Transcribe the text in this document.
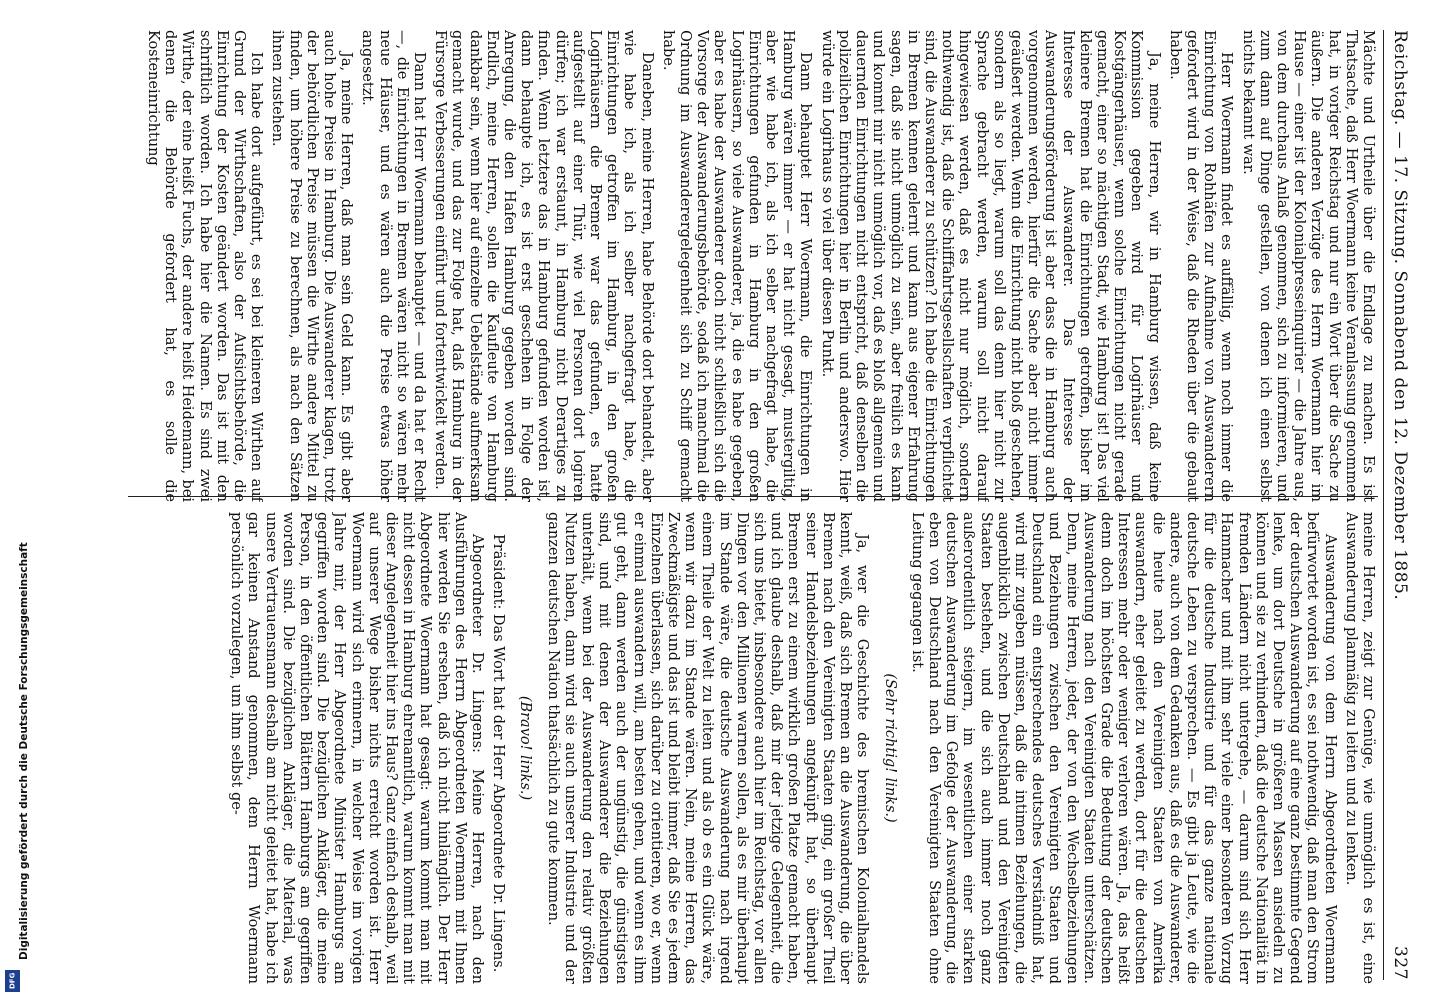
Digitalisierung gefördert durch die Deutsche Forschungsgemeinschaft
DFG
Reichstag. — 17. Sitzung. Sonnabend den 12. Dezember 1885.
327

Mächte und Urtheile über die Endlage zu machen. Es ist Thatsache, daß Herr Woermann keine Veranlassung genommen hat, in voriger Reichstag und nur ein Wort über die Sache zu äußern. Die anderen Verzüge des Herrn Woermann hier im Hause — einer ist der Kolonialpresseinquirier — die Jahre aus, von dem durchaus Anlaß genommen, sich zu informieren, und zum dann auf Dinge gestellen, von denen ich einen selbst nichts bekannt war.

Herr Woermann findet es auffällig, wenn noch immer die Einrichtung von Rohhäfen zur Aufnahme von Auswanderern gefordert wird in der Weise, daß die Rheden über die gebaut haben.

Ja, meine Herren, wir in Hamburg wissen, daß keine Kommission gegeben wird für Logirhäuser und Kostgängerhäuser, wenn solche Einrichtungen nicht gerade gemacht, einer so mächtigen Stadt, wie Hamburg ist! Das viel kleinere Bremen hat die Einrichtungen getroffen, bisher im Interesse der Auswanderer. Das Interesse der Auswanderungsförderung ist aber dass die in Hamburg auch vorgenommen werden, hierfür die Sache aber nicht immer geäußert werden. Wenn die Einrichtung nicht bloß geschehen, sondern als so liegt, warum soll das denn hier nicht zur Sprache gebracht werden, warum soll nicht darauf hingewiesen werden, daß es nicht nur möglich, sondern nothwendig ist, daß die Schifffahrtsgesellschaften verpflichtet sind, die Auswanderer zu schützen? Ich habe die Einrichtungen in Bremen kennen gelernt und kann aus eigener Erfahrung sagen, daß sie nicht unmöglich zu sein, aber freilich es kann und kommt mir nicht unmöglich vor, daß es bloß allgemein und dauernden Einrichtungen nicht entspricht, daß denselben die polizeilichen Einrichtungen hier in Berlin und anderswo. Hier würde ein Logirhaus so viel über diesen Punkt.

Dann behauptet Herr Woermann, die Einrichtungen in Hamburg wären immer — er hat nicht gesagt, mustergiltig, aber wie habe ich, als ich selber nachgefragt habe, die Einrichtungen gefunden in Hamburg in den großen Logirhäusern, so viele Auswanderer, ja, die es habe gegeben, aber es habe der Auswanderer doch nicht schließlich sich die Vorsorge der Auswanderungsbehörde, sodaß ich manchmal die Ordnung im Auswanderergelegenheit sich zu Schiff gemacht habe.

Daneben, meine Herren, habe Behörde dort behandelt, aber wie habe ich, als ich selber nachgefragt habe, die Einrichtungen getroffen im Hamburg, in den großen Logirhäusern die Bremer war das gefunden, es hatte aufgestellt auf einer Thür, wie viel Personen dort logiren dürfen; ich war erstaunt, in Hamburg nicht Derartiges zu finden. Wenn letztere das in Hamburg gefunden worden ist, dann behaupte ich, es ist erst geschehen in Folge der Anregung, die den Hafen Hamburg gegeben worden sind. Endlich, meine Herren, sollen die Kaufleute von Hamburg dankbar sein, wenn hier auf einzelne Uebelstände aufmerksam gemacht wurde, und das zur Folge hat, daß Hamburg in der Fürsorge Verbesserungen einführt und fortentwickelt werden.

Dann hat Herr Woermann behauptet — und da hat er Recht —, die Einrichtungen in Bremen wären nicht so wären mehr neue Häuser, und es wären auch die Preise etwas höher angesetzt.

Ja, meine Herren, daß man sein Geld kann. Es gibt aber auch hohe Preise in Hamburg. Die Auswanderer klagen, trotz der behördlichen Preise müssen die Wirthe andere Mittel zu finden, um höhere Preise zu berechnen, als nach den Sätzen ihnen zustehen.

Ich habe dort aufgeführt, es sei bei kleineren Wirthen auf Grund der Wirthschaften, also der Aufsichtsbehörde, die Einrichtung der Kosten geändert worden. Das ist mit den schriftlich worden. Ich habe hier die Namen. Es sind zwei Wirthe, der eine heißt Fuchs, der andere heißt Heidemann, bei denen die Behörde gefordert hat, es solle die Kosteneinrichtung

meine Herren, zeigt zur Genüge, wie unmöglich es ist, eine Auswanderung planmäßig zu leiten und zu lenken.

Auswanderung von dem Herrn Abgeordneten Woermann befürwortet worden ist, es sei nothwendig, daß man den Strom der deutschen Auswanderung auf eine ganz bestimmte Gegend lenke, um dort Deutsche in größeren Massen ansiedeln zu können und sie zu verhindern, daß die deutsche Nationalität in fremden Ländern nicht untergehe, — darum sind sich Herr Hammacher und mit ihm sehr viele einer besonderen Vorzug für die deutsche Industrie und für das ganze nationale deutsche Leben zu versprechen. — Es gibt ja Leute, wie die andere, auch von dem Gedanken aus, daß es die Auswanderer, die heute nach den Vereinigten Staaten von Amerika auswandern, eher geleitet zu werden, dort für die deutschen Interessen mehr oder weniger verloren wären. Ja, das heißt denn doch im höchsten Grade die Bedeutung der deutschen Auswanderung nach den Vereinigten Staaten unterschätzen. Denn, meine Herren, jeder, der von den Wechselbeziehungen und Beziehungen zwischen den Vereinigten Staaten und Deutschland ein entsprechendes deutsches Verständniß hat, wird mir zugeben müssen, daß die intimen Beziehungen, die augenblicklich zwischen Deutschland und den Vereinigten Staaten bestehen, und die sich auch immer noch ganz außerordentlich steigern, im wesentlichen einer starken deutschen Auswanderung im Gefolge der Auswanderung, die eben von Deutschland nach den Vereinigten Staaten ohne Leitung gegangen ist.

(Sehr richtig! links.)

Ja, wer die Geschichte des bremischen Kolonialhandels kennt, weiß, daß sich Bremen an die Auswanderung, die über Bremen nach den Vereinigten Staaten ging, ein großer Theil seiner Handelsbeziehungen angeknüpft hat, so überhaupt Bremen erst zu einem wirklich großen Platze gemacht haben, und ich glaube deshalb, daß mir der jetzige Gelegenheit, die sich uns bietet, insbesondere auch hier im Reichstag, vor allen Dingen vor den Millionen warnen sollen, als es mir überhaupt im Stande wäre, die deutsche Auswanderung nach irgend einem Theile der Welt zu leiten und als ob es ein Glück wäre, wenn wir dazu im Stande wären. Nein, meine Herren, das Zweckmäßigste und das ist und bleibt immer, daß Sie es jedem Einzelnen überlassen, sich darüber zu orientieren, wo er, wenn er einmal auswandern will, am besten gehen, und wenn es ihm gut geht, dann werden auch der ungünstig, die günstigsten sind, und mit denen der Auswanderer die Beziehungen unterhält, wenn bei der Auswanderung den relativ größten Nutzen haben, dann wird sie auch unserer Industrie und der ganzen deutschen Nation thatsächlich zu gute kommen.

(Bravo! links.)

Präsident: Das Wort hat der Herr Abgeordnete Dr. Lingens.

Abgeordneter Dr. Lingens: Meine Herren, nach den Ausführungen des Herrn Abgeordneten Woermann mit Ihnen hier werden Sie ersehen, daß ich nicht hinlänglich. Der Herr Abgeordnete Woermann hat gesagt: warum kommt man mit nicht dessen in Hamburg ehrenamtlich, warum kommt man mit dieser Angelegenheit hier ins Haus? Ganz einfach deshalb, weil auf unserer Wege bisher nichts erreicht worden ist. Herr Woermann wird sich erinnern, in welcher Weise im vorigen Jahre mir, der Herr Abgeordnete Minister Hamburgs am gegriffen worden sind. Die bezüglichen Ankläger, die meine Person, in den öffentlichen Blättern Hamburgs am gegriffen worden sind. Die bezüglichen Ankläger, die Material, was unsere Vertrauensmann deshalb am nicht geleitet hat, habe ich gar keinen Anstand genommen, dem Herrn Woermann persönlich vorzulegen, um ihm selbst ge-
